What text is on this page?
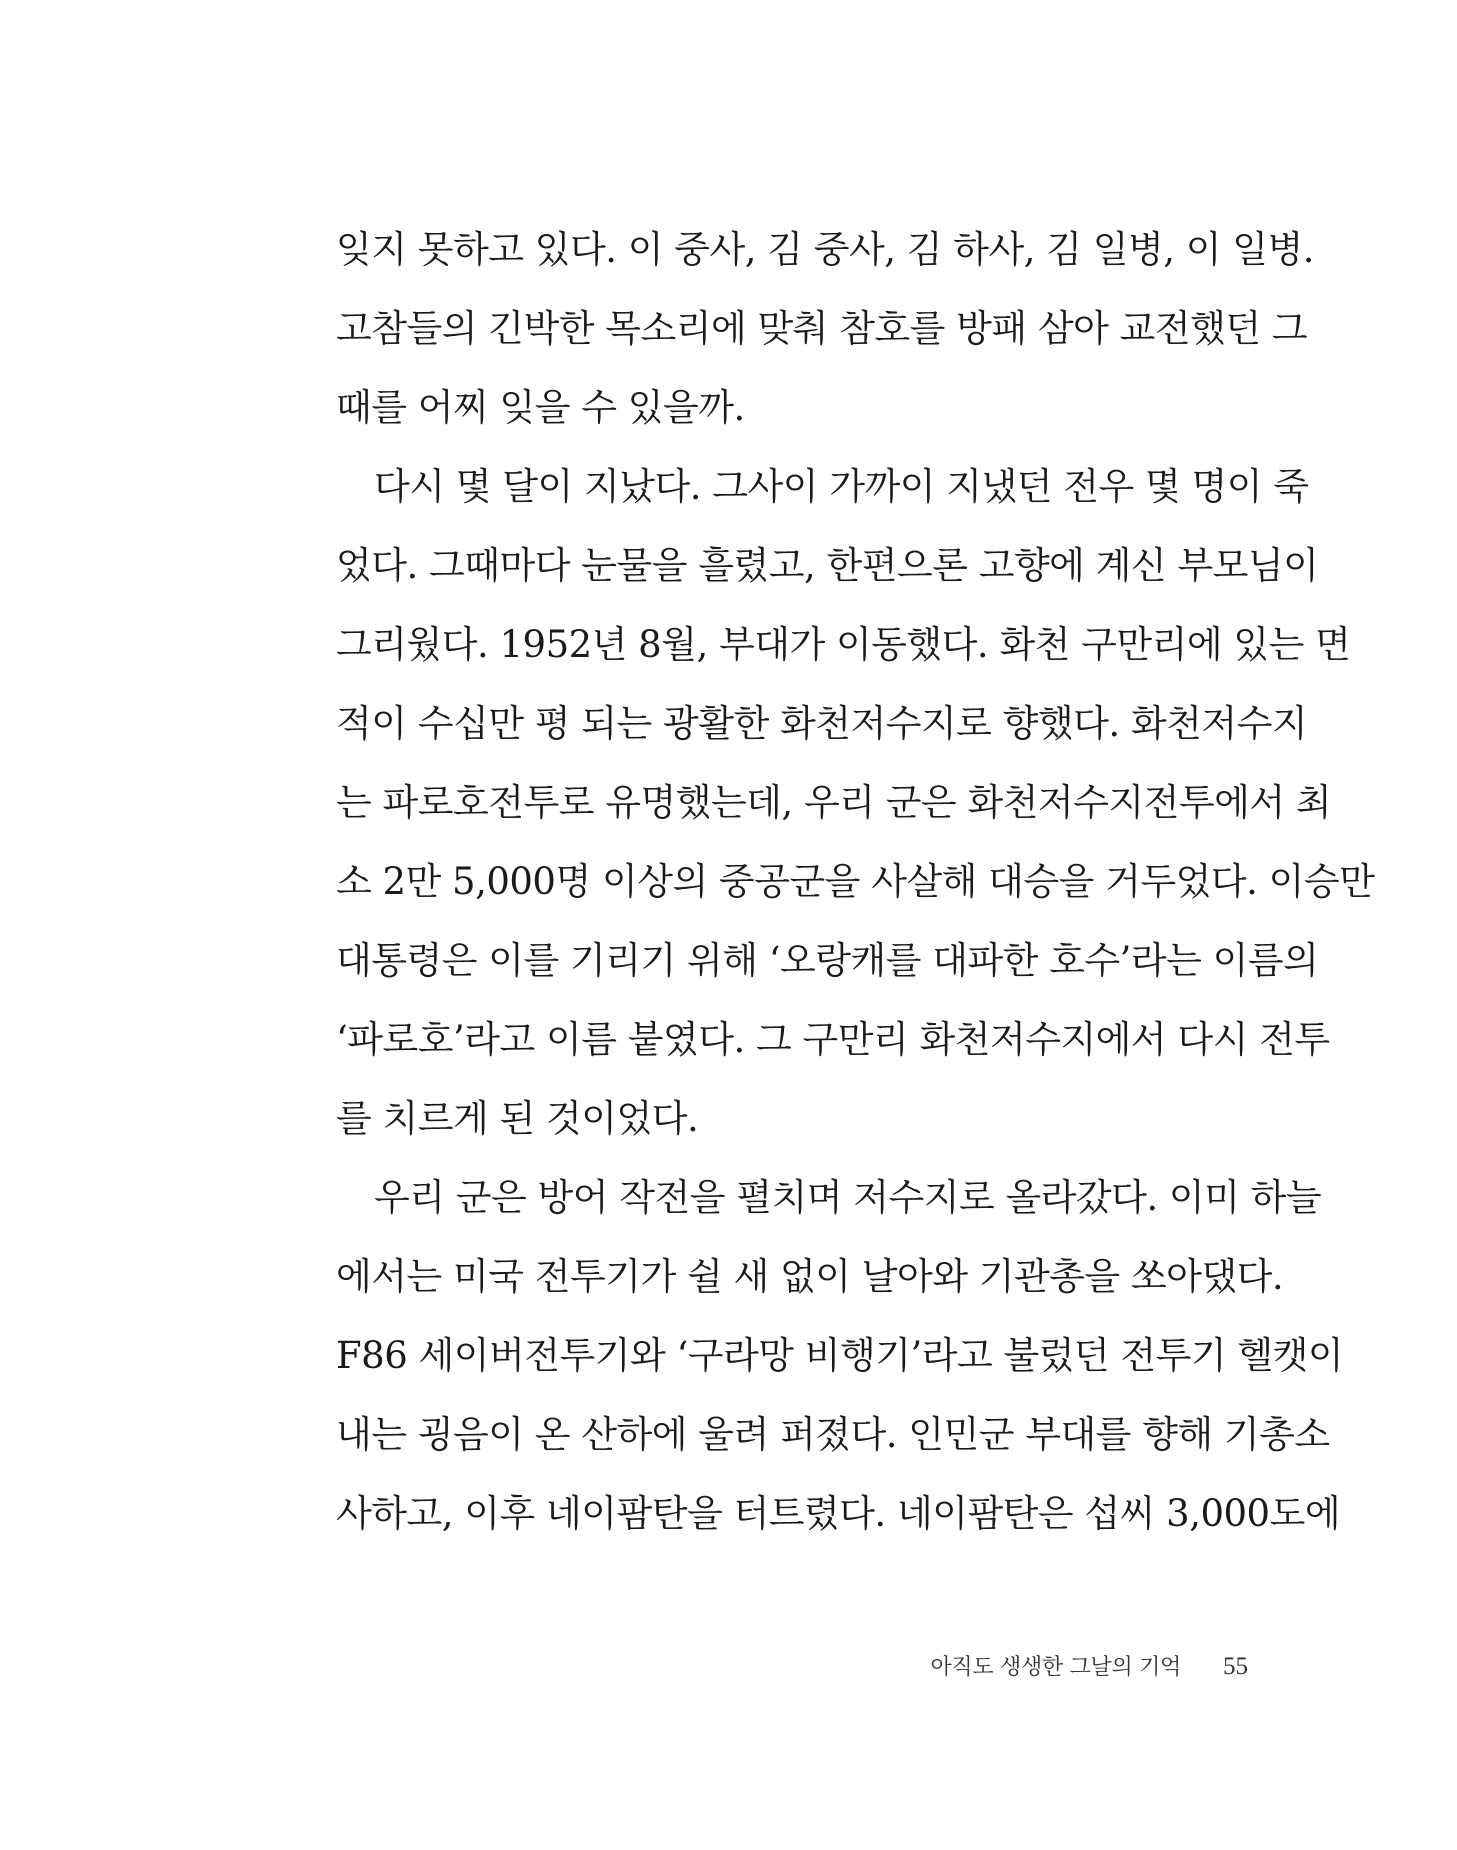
잊지 못하고 있다. 이 중사, 김 중사, 김 하사, 김 일병, 이 일병.
고참들의 긴박한 목소리에 맞춰 참호를 방패 삼아 교전했던 그
때를 어찌 잊을 수 있을까.
다시 몇 달이 지났다. 그사이 가까이 지냈던 전우 몇 명이 죽
었다. 그때마다 눈물을 흘렸고, 한편으론 고향에 계신 부모님이
그리웠다. 1952년 8월, 부대가 이동했다. 화천 구만리에 있는 면
적이 수십만 평 되는 광활한 화천저수지로 향했다. 화천저수지
는 파로호전투로 유명했는데, 우리 군은 화천저수지전투에서 최
소 2만 5,000명 이상의 중공군을 사살해 대승을 거두었다. 이승만
대통령은 이를 기리기 위해 ‘오랑캐를 대파한 호수’라는 이름의
‘파로호’라고 이름 붙였다. 그 구만리 화천저수지에서 다시 전투
를 치르게 된 것이었다.
우리 군은 방어 작전을 펼치며 저수지로 올라갔다. 이미 하늘
에서는 미국 전투기가 쉴 새 없이 날아와 기관총을 쏘아댔다.
F86 세이버전투기와 ‘구라망 비행기’라고 불렀던 전투기 헬캣이
내는 굉음이 온 산하에 울려 퍼졌다. 인민군 부대를 향해 기총소
사하고, 이후 네이팜탄을 터트렸다. 네이팜탄은 섭씨 3,000도에
아직도 생생한 그날의 기억 55
